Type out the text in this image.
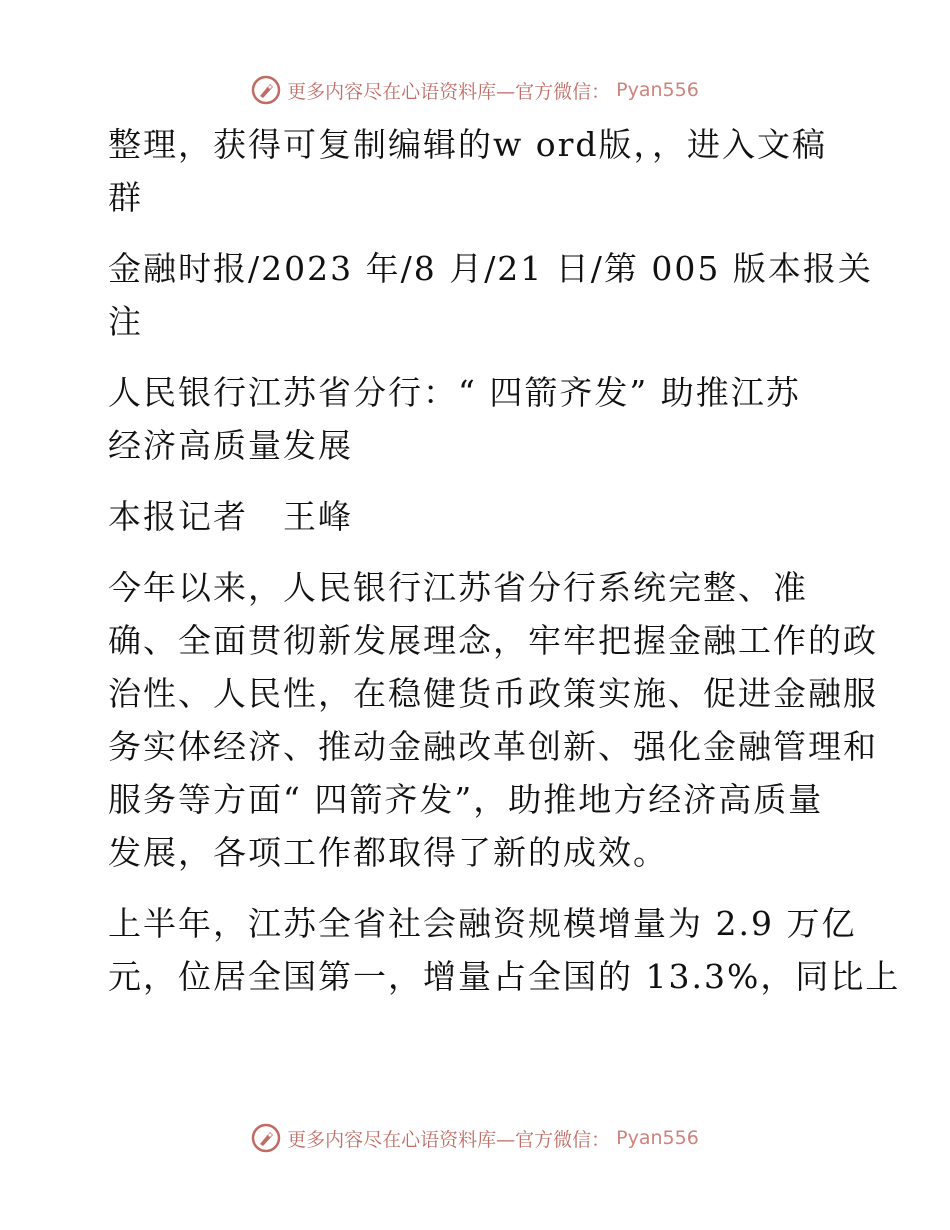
更多内容尽在心语资料库—官方微信： Pyan556

整理，获得可复制编辑的w ord版，，进入文稿
群

金融时报/2023 年/8 月/21 日/第 005 版本报关
注

人民银行江苏省分行：“ 四箭齐发” 助推江苏
经济高质量发展

本报记者　王峰

今年以来，人民银行江苏省分行系统完整、准
确、全面贯彻新发展理念，牢牢把握金融工作的政
治性、人民性，在稳健货币政策实施、促进金融服
务实体经济、推动金融改革创新、强化金融管理和
服务等方面“ 四箭齐发”，助推地方经济高质量
发展，各项工作都取得了新的成效。

上半年，江苏全省社会融资规模增量为 2.9 万亿
元，位居全国第一，增量占全国的 13.3%，同比上

更多内容尽在心语资料库—官方微信： Pyan556
